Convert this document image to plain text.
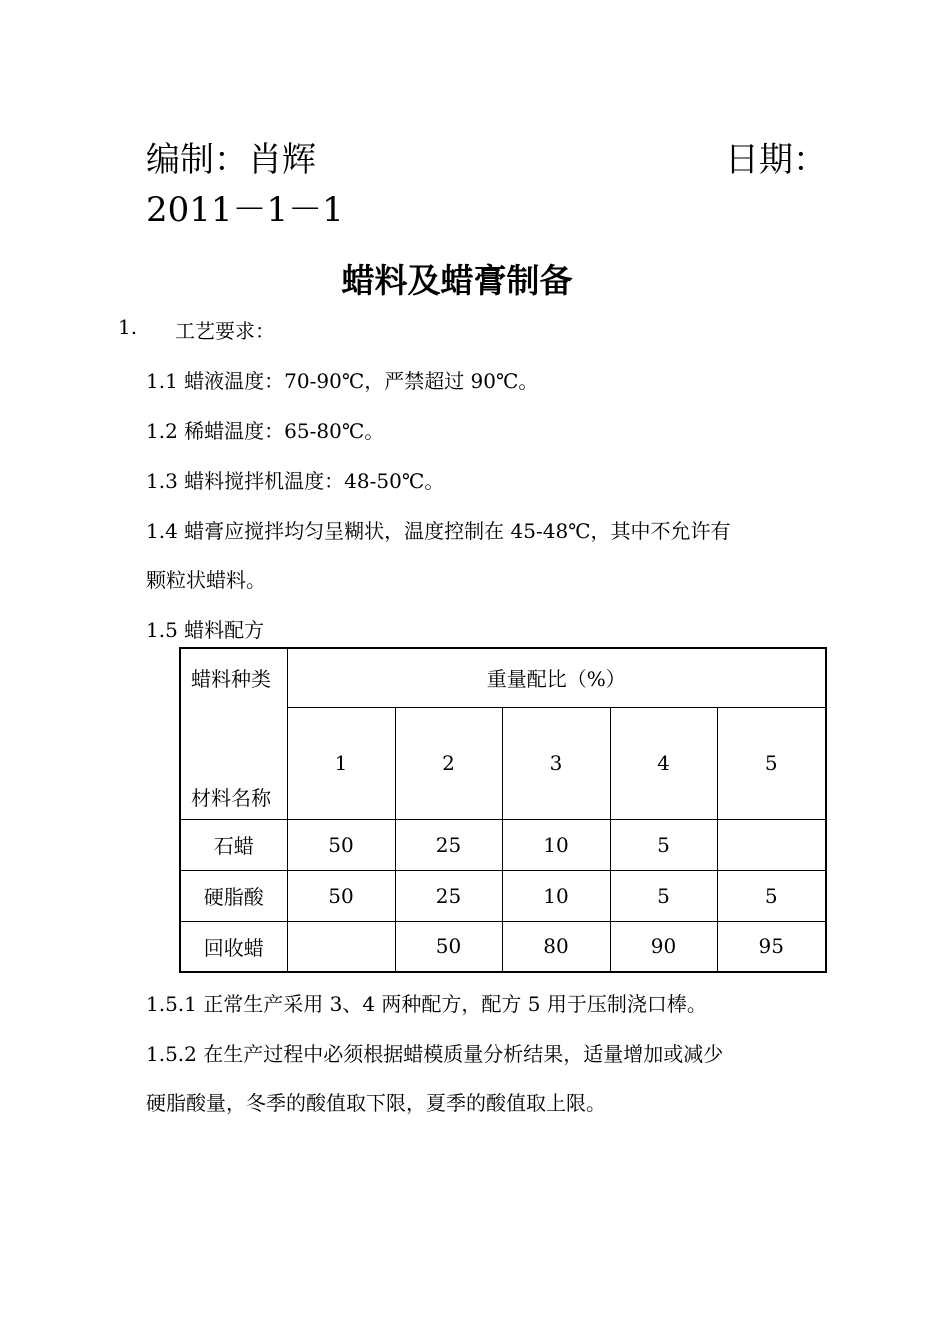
编制：肖辉	日期：
2011－1－1
蜡料及蜡膏制备
1. 工艺要求：
1.1 蜡液温度：70-90℃，严禁超过 90℃。
1.2 稀蜡温度：65-80℃。
1.3 蜡料搅拌机温度：48-50℃。
1.4 蜡膏应搅拌均匀呈糊状，温度控制在 45-48℃，其中不允许有
颗粒状蜡料。
1.5 蜡料配方
蜡料种类
材料名称	重量配比（%）				
	1	2	3	4	5
石蜡	50	25	10	5	
硬脂酸	50	25	10	5	5
回收蜡		50	80	90	95
1.5.1 正常生产采用 3、4 两种配方，配方 5 用于压制浇口棒。
1.5.2 在生产过程中必须根据蜡模质量分析结果，适量增加或减少
硬脂酸量，冬季的酸值取下限，夏季的酸值取上限。
